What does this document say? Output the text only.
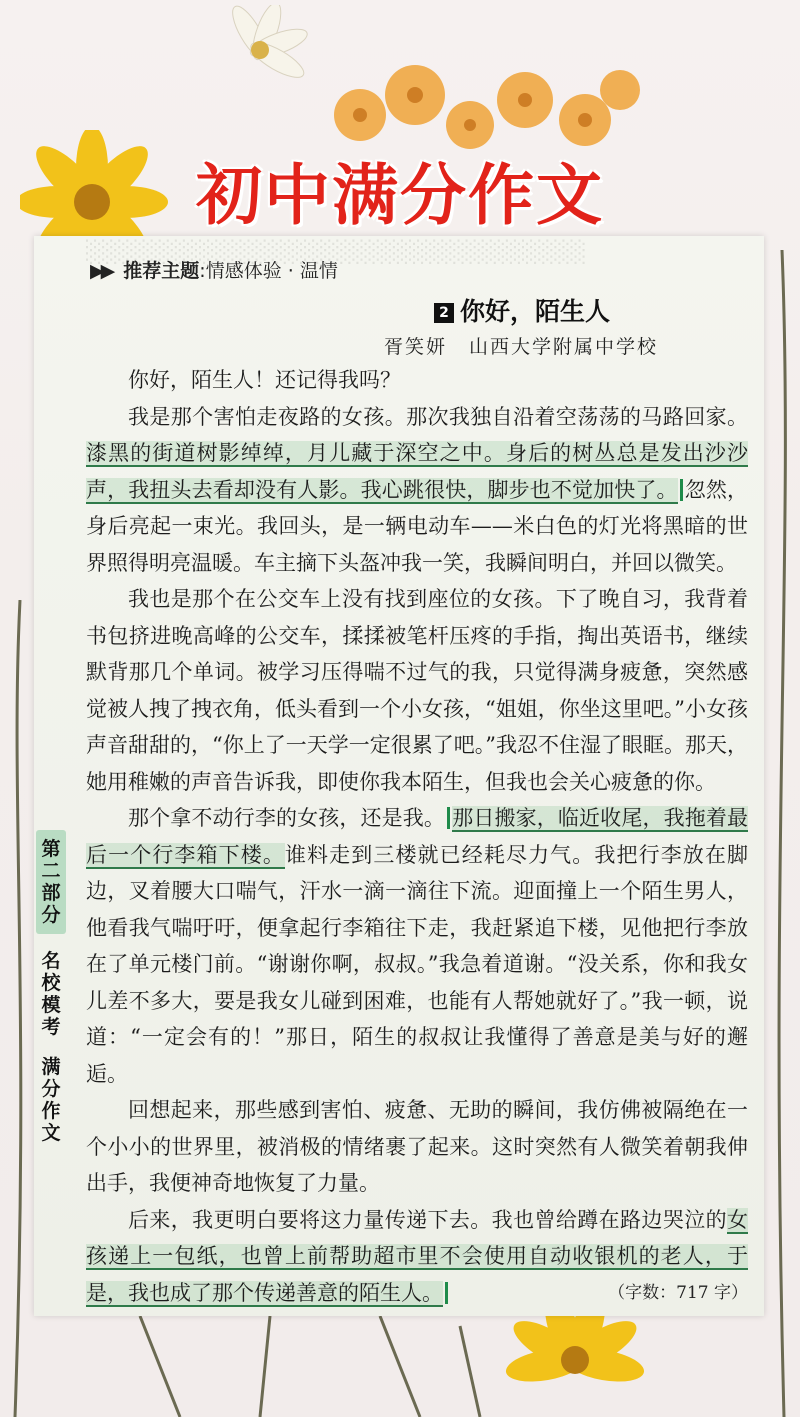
初中满分作文
░░░░░░░░░░░░░░░░░░░░░░░░░░░░░░░
▶▶ 推荐主题:情感体验 · 温情
2 你好，陌生人
胥笑妍 山西大学附属中学校

你好，陌生人！还记得我吗？

我是那个害怕走夜路的女孩。那次我独自沿着空荡荡的马路回家。漆黑的街道树影绰绰，月儿藏于深空之中。身后的树丛总是发出沙沙声，我扭头去看却没有人影。我心跳很快，脚步也不觉加快了。 忽然，身后亮起一束光。我回头，是一辆电动车——米白色的灯光将黑暗的世界照得明亮温暖。车主摘下头盔冲我一笑，我瞬间明白，并回以微笑。

我也是那个在公交车上没有找到座位的女孩。下了晚自习，我背着书包挤进晚高峰的公交车，揉揉被笔杆压疼的手指，掏出英语书，继续默背那几个单词。被学习压得喘不过气的我，只觉得满身疲惫，突然感觉被人拽了拽衣角，低头看到一个小女孩，“姐姐，你坐这里吧。”小女孩声音甜甜的，“你上了一天学一定很累了吧。”我忍不住湿了眼眶。那天，她用稚嫩的声音告诉我，即使你我本陌生，但我也会关心疲惫的你。

那个拿不动行李的女孩，还是我。 那日搬家，临近收尾，我拖着最后一个行李箱下楼。谁料走到三楼就已经耗尽力气。我把行李放在脚边，叉着腰大口喘气，汗水一滴一滴往下流。迎面撞上一个陌生男人，他看我气喘吁吁，便拿起行李箱往下走，我赶紧追下楼，见他把行李放在了单元楼门前。“谢谢你啊，叔叔。”我急着道谢。“没关系，你和我女儿差不多大，要是我女儿碰到困难，也能有人帮她就好了。”我一顿，说道：“一定会有的！”那日，陌生的叔叔让我懂得了善意是美与好的邂逅。

回想起来，那些感到害怕、疲惫、无助的瞬间，我仿佛被隔绝在一个小小的世界里，被消极的情绪裹了起来。这时突然有人微笑着朝我伸出手，我便神奇地恢复了力量。

后来，我更明白要将这力量传递下去。我也曾给蹲在路边哭泣的女孩递上一包纸，也曾上前帮助超市里不会使用自动收银机的老人，于是，我也成了那个传递善意的陌生人。	（字数：717 字）

第
二
部
分
名
校
模
考
满
分
作
文
